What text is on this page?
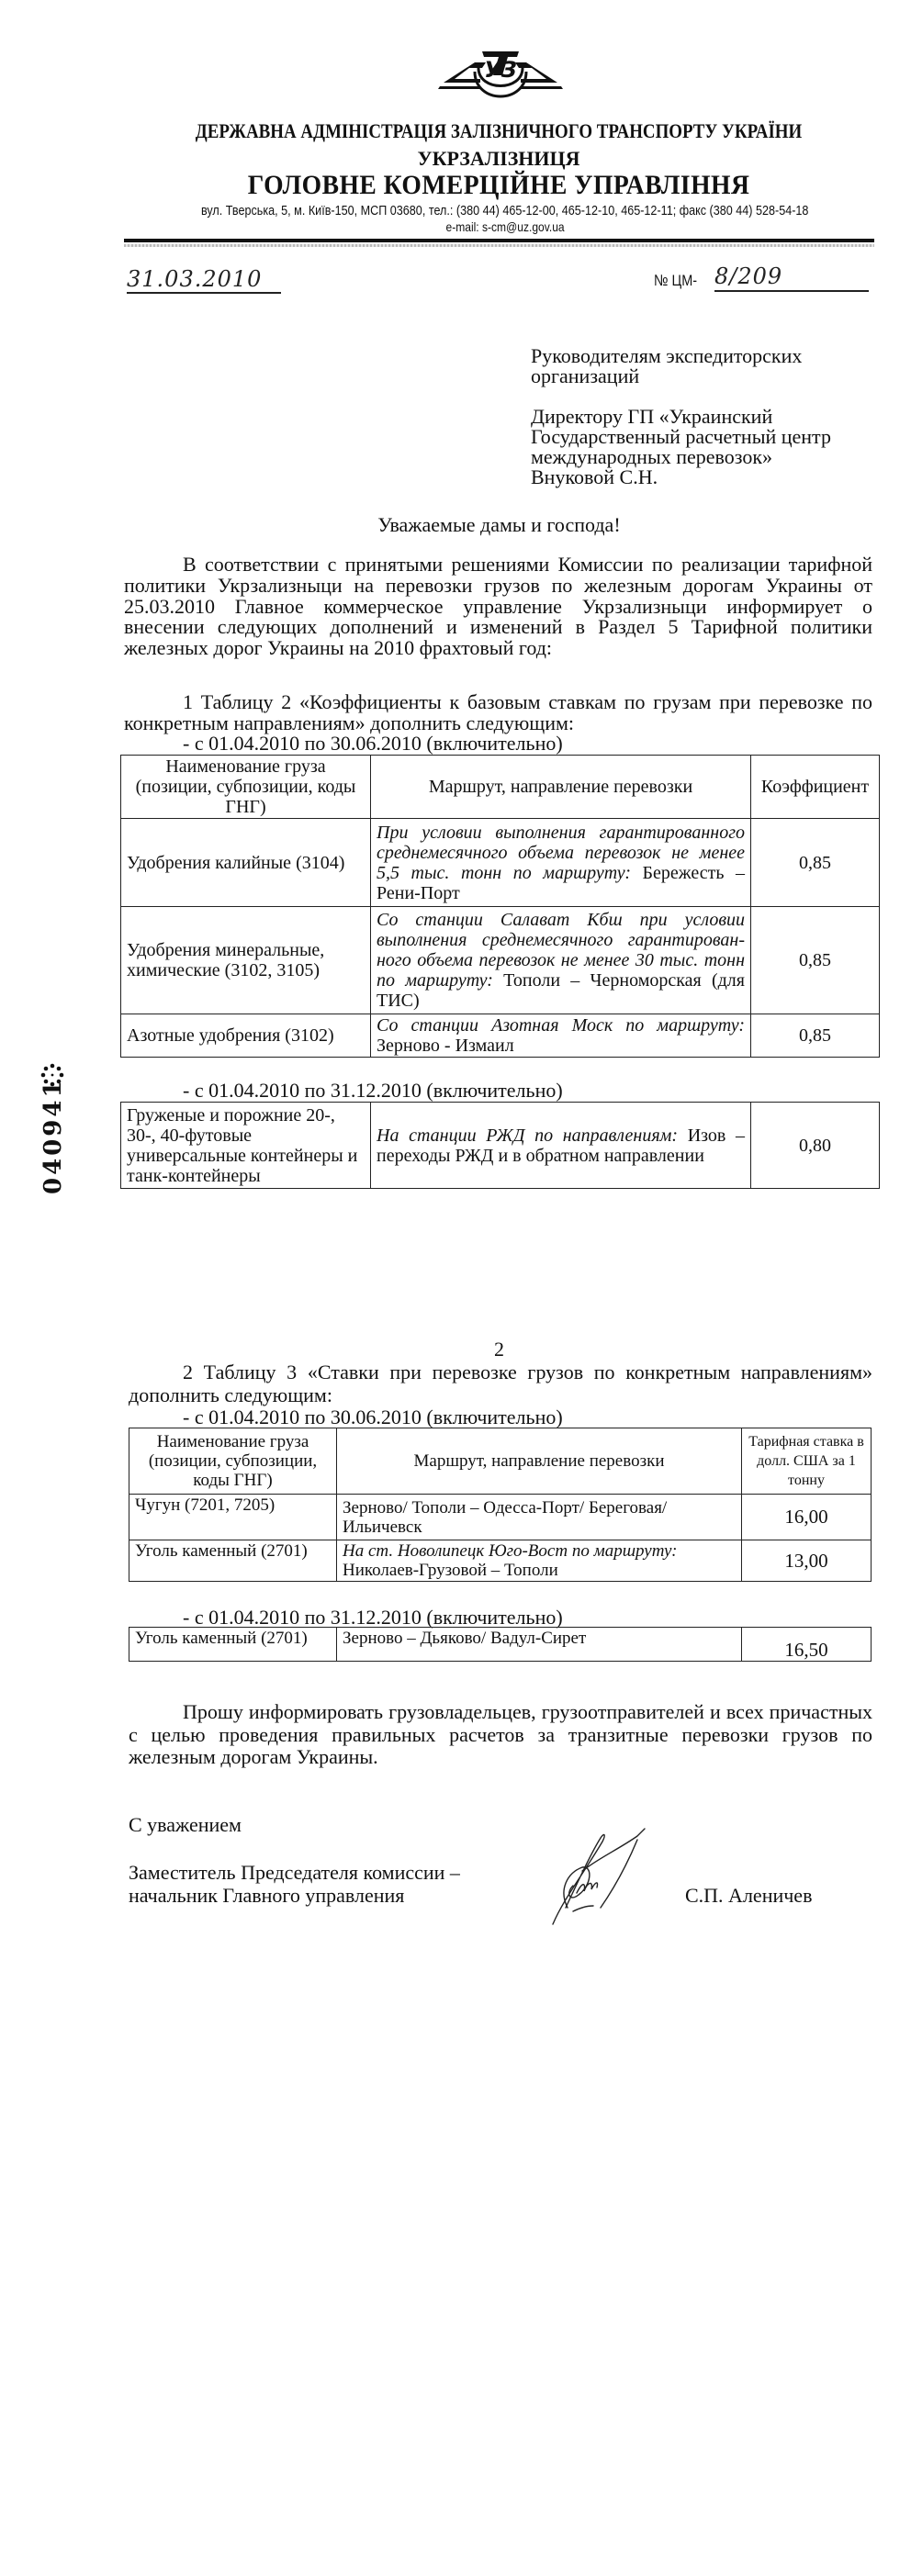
УЗ
ДЕРЖАВНА АДМІНІСТРАЦІЯ ЗАЛІЗНИЧНОГО ТРАНСПОРТУ УКРАЇНИ
УКРЗАЛІЗНИЦЯ
ГОЛОВНЕ КОМЕРЦІЙНЕ УПРАВЛІННЯ
вул. Тверська, 5, м. Київ-150, МСП 03680, тел.: (380 44) 465-12-00, 465-12-10, 465-12-11; факс (380 44) 528-54-18
e-mail: s-cm@uz.gov.ua
31.03.2010	№ ЦМ- 8/209
Руководителям экспедиторских
организаций
Директору ГП «Украинский
Государственный расчетный центр
международных перевозок»
Внуковой С.Н.
Уважаемые дамы и господа!
В соответствии с принятыми решениями Комиссии по реализации тарифной
политики Укрзализныци на перевозки грузов по железным дорогам Украины от
25.03.2010 Главное коммерческое управление Укрзализныци информирует о
внесении следующих дополнений и изменений в Раздел 5 Тарифной политики
железных дорог Украины на 2010 фрахтовый год:
1 Таблицу 2 «Коэффициенты к базовым ставкам по грузам при перевозке по
конкретным направлениям» дополнить следующим:
- с 01.04.2010 по 30.06.2010 (включительно)
Наименование груза (позиции, субпозиции, коды ГНГ)	Маршрут, направление перевозки	Коэффициент
Удобрения калийные (3104)	При условии выполнения гарантированного среднемесячного объема перевозок не менее 5,5 тыс. тонн по маршруту: Бережесть – Рени-Порт	0,85
Удобрения минеральные, химические (3102, 3105)	Со станции Салават Кбш при условии выполнения среднемесячного гарантирован-ного объема перевозок не менее 30 тыс. тонн по маршруту: Тополи – Черноморская (для ТИС)	0,85
Азотные удобрения (3102)	Со станции Азотная Моск по маршруту: Зерново - Измаил	0,85
- с 01.04.2010 по 31.12.2010 (включительно)
Груженые и порожние 20-, 30-, 40-футовые универсальные контейнеры и танк-контейнеры	На станции РЖД по направлениям: Изов – переходы РЖД и в обратном направлении	0,80
040941
2
2 Таблицу 3 «Ставки при перевозке грузов по конкретным направлениям»
дополнить следующим:
- с 01.04.2010 по 30.06.2010 (включительно)
Наименование груза (позиции, субпозиции, коды ГНГ)	Маршрут, направление перевозки	Тарифная ставка в долл. США за 1 тонну
Чугун (7201, 7205)	Зерново/ Тополи – Одесса-Порт/ Береговая/ Ильичевск	16,00
Уголь каменный (2701)	На ст. Новолипецк Юго-Вост по маршруту: Николаев-Грузовой – Тополи	13,00
- с 01.04.2010 по 31.12.2010 (включительно)
Уголь каменный (2701)	Зерново – Дьяково/ Вадул-Сирет	16,50
Прошу информировать грузовладельцев, грузоотправителей и всех причастных
с целью проведения правильных расчетов за транзитные перевозки грузов по
железным дорогам Украины.
С уважением
Заместитель Председателя комиссии –
начальник Главного управления	С.П. Аленичев
